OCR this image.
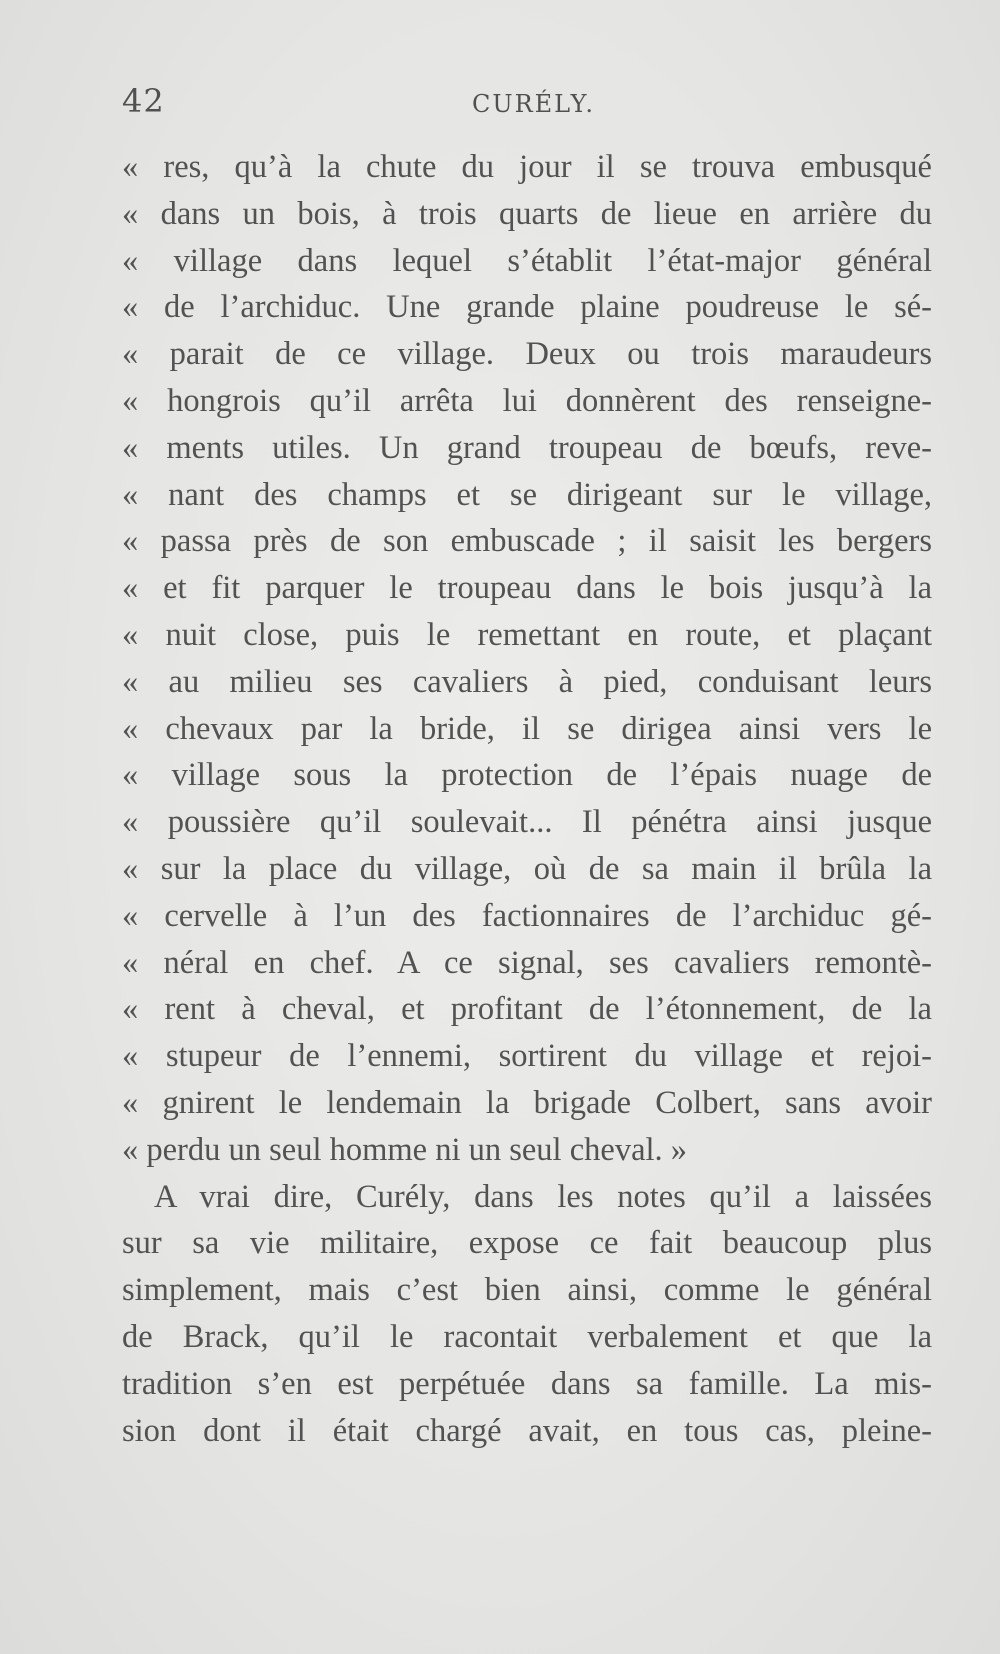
42	CURÉLY.
« res, qu’à la chute du jour il se trouva embusqué
« dans un bois, à trois quarts de lieue en arrière du
« village dans lequel s’établit l’état-major général
« de l’archiduc. Une grande plaine poudreuse le sé-
« parait de ce village. Deux ou trois maraudeurs
« hongrois qu’il arrêta lui donnèrent des renseigne-
« ments utiles. Un grand troupeau de bœufs, reve-
« nant des champs et se dirigeant sur le village,
« passa près de son embuscade ; il saisit les bergers
« et fit parquer le troupeau dans le bois jusqu’à la
« nuit close, puis le remettant en route, et plaçant
« au milieu ses cavaliers à pied, conduisant leurs
« chevaux par la bride, il se dirigea ainsi vers le
« village sous la protection de l’épais nuage de
« poussière qu’il soulevait... Il pénétra ainsi jusque
« sur la place du village, où de sa main il brûla la
« cervelle à l’un des factionnaires de l’archiduc gé-
« néral en chef. A ce signal, ses cavaliers remontè-
« rent à cheval, et profitant de l’étonnement, de la
« stupeur de l’ennemi, sortirent du village et rejoi-
« gnirent le lendemain la brigade Colbert, sans avoir
« perdu un seul homme ni un seul cheval. »
A vrai dire, Curély, dans les notes qu’il a laissées
sur sa vie militaire, expose ce fait beaucoup plus
simplement, mais c’est bien ainsi, comme le général
de Brack, qu’il le racontait verbalement et que la
tradition s’en est perpétuée dans sa famille. La mis-
sion dont il était chargé avait, en tous cas, pleine-
